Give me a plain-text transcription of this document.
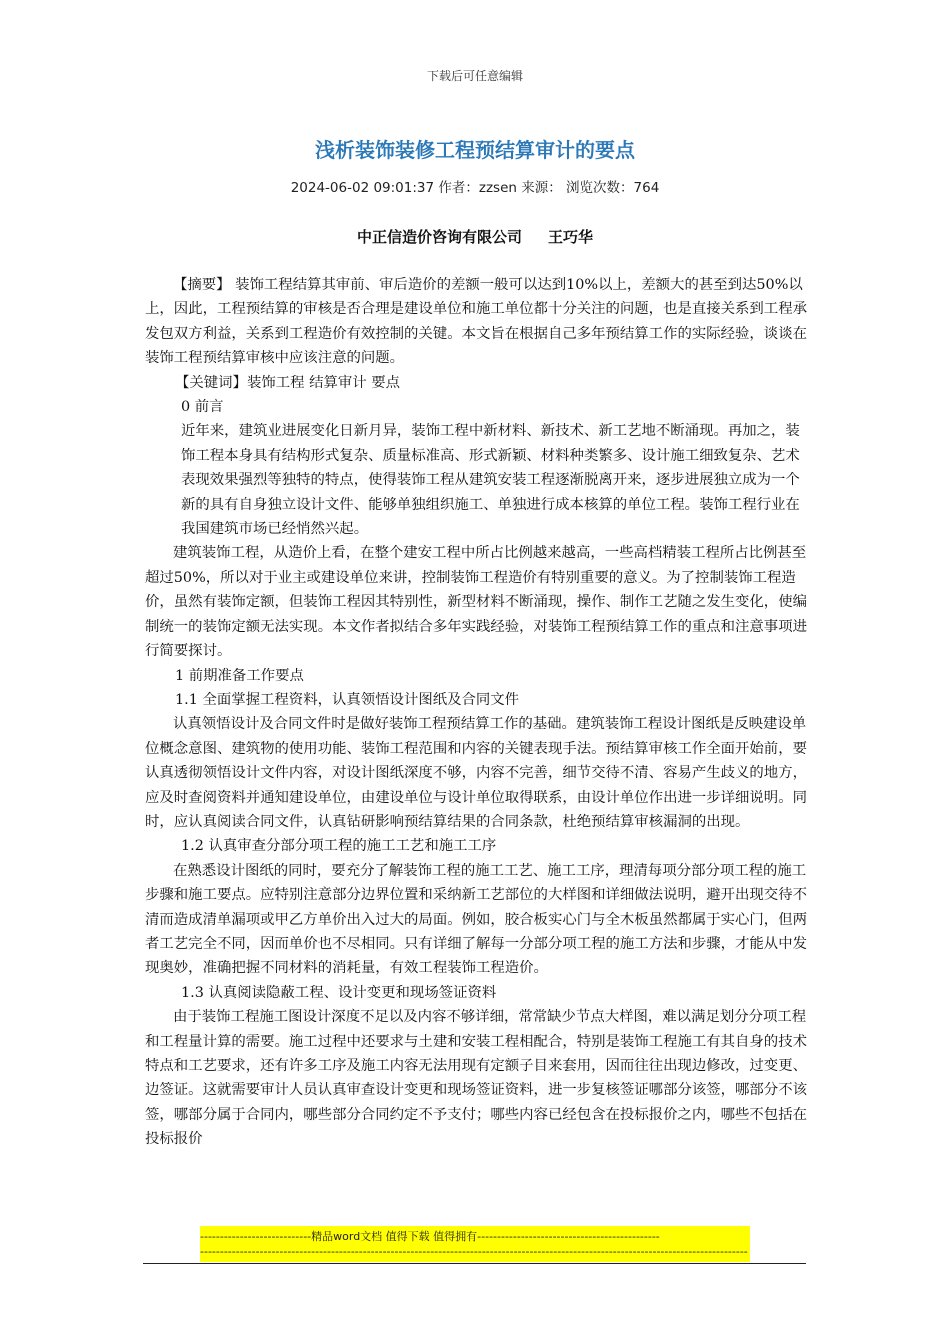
下载后可任意编辑
浅析装饰装修工程预结算审计的要点
2024-06-02 09:01:37 作者：zzsen 来源： 浏览次数：764
中正信造价咨询有限公司 王巧华

【摘要】 装饰工程结算其审前、审后造价的差额一般可以达到10%以上，差额大的甚至到达50%以上，因此，工程预结算的审核是否合理是建设单位和施工单位都十分关注的问题，也是直接关系到工程承发包双方利益，关系到工程造价有效控制的关键。本文旨在根据自己多年预结算工作的实际经验，谈谈在装饰工程预结算审核中应该注意的问题。

【关键词】装饰工程 结算审计 要点

0 前言

近年来，建筑业进展变化日新月异，装饰工程中新材料、新技术、新工艺地不断涌现。再加之，装饰工程本身具有结构形式复杂、质量标准高、形式新颖、材料种类繁多、设计施工细致复杂、艺术表现效果强烈等独特的特点，使得装饰工程从建筑安装工程逐渐脱离开来，逐步进展独立成为一个新的具有自身独立设计文件、能够单独组织施工、单独进行成本核算的单位工程。装饰工程行业在我国建筑市场已经悄然兴起。

建筑装饰工程，从造价上看，在整个建安工程中所占比例越来越高，一些高档精装工程所占比例甚至超过50%，所以对于业主或建设单位来讲，控制装饰工程造价有特别重要的意义。为了控制装饰工程造价，虽然有装饰定额，但装饰工程因其特别性，新型材料不断涌现，操作、制作工艺随之发生变化，使编制统一的装饰定额无法实现。本文作者拟结合多年实践经验，对装饰工程预结算工作的重点和注意事项进行简要探讨。

1 前期准备工作要点

1.1 全面掌握工程资料，认真领悟设计图纸及合同文件

认真领悟设计及合同文件时是做好装饰工程预结算工作的基础。建筑装饰工程设计图纸是反映建设单位概念意图、建筑物的使用功能、装饰工程范围和内容的关键表现手法。预结算审核工作全面开始前，要认真透彻领悟设计文件内容，对设计图纸深度不够，内容不完善，细节交待不清、容易产生歧义的地方，应及时查阅资料并通知建设单位，由建设单位与设计单位取得联系，由设计单位作出进一步详细说明。同时，应认真阅读合同文件，认真钻研影响预结算结果的合同条款，杜绝预结算审核漏洞的出现。

1.2 认真审查分部分项工程的施工工艺和施工工序

在熟悉设计图纸的同时，要充分了解装饰工程的施工工艺、施工工序，理清每项分部分项工程的施工步骤和施工要点。应特别注意部分边界位置和采纳新工艺部位的大样图和详细做法说明，避开出现交待不清而造成清单漏项或甲乙方单价出入过大的局面。例如，胶合板实心门与全木板虽然都属于实心门，但两者工艺完全不同，因而单价也不尽相同。只有详细了解每一分部分项工程的施工方法和步骤，才能从中发现奥妙，准确把握不同材料的消耗量，有效工程装饰工程造价。

1.3 认真阅读隐蔽工程、设计变更和现场签证资料

由于装饰工程施工图设计深度不足以及内容不够详细，常常缺少节点大样图，难以满足划分分项工程和工程量计算的需要。施工过程中还要求与土建和安装工程相配合，特别是装饰工程施工有其自身的技术特点和工艺要求，还有许多工序及施工内容无法用现有定额子目来套用，因而往往出现边修改，过变更、边签证。这就需要审计人员认真审查设计变更和现场签证资料，进一步复核签证哪部分该签，哪部分不该签，哪部分属于合同内，哪些部分合同约定不予支付；哪些内容已经包含在投标报价之内，哪些不包括在投标报价

----------------------------精品word文档 值得下载 值得拥有----------------------------------------------
------------------------------------------------------------------------------------------------------------------------------------------
